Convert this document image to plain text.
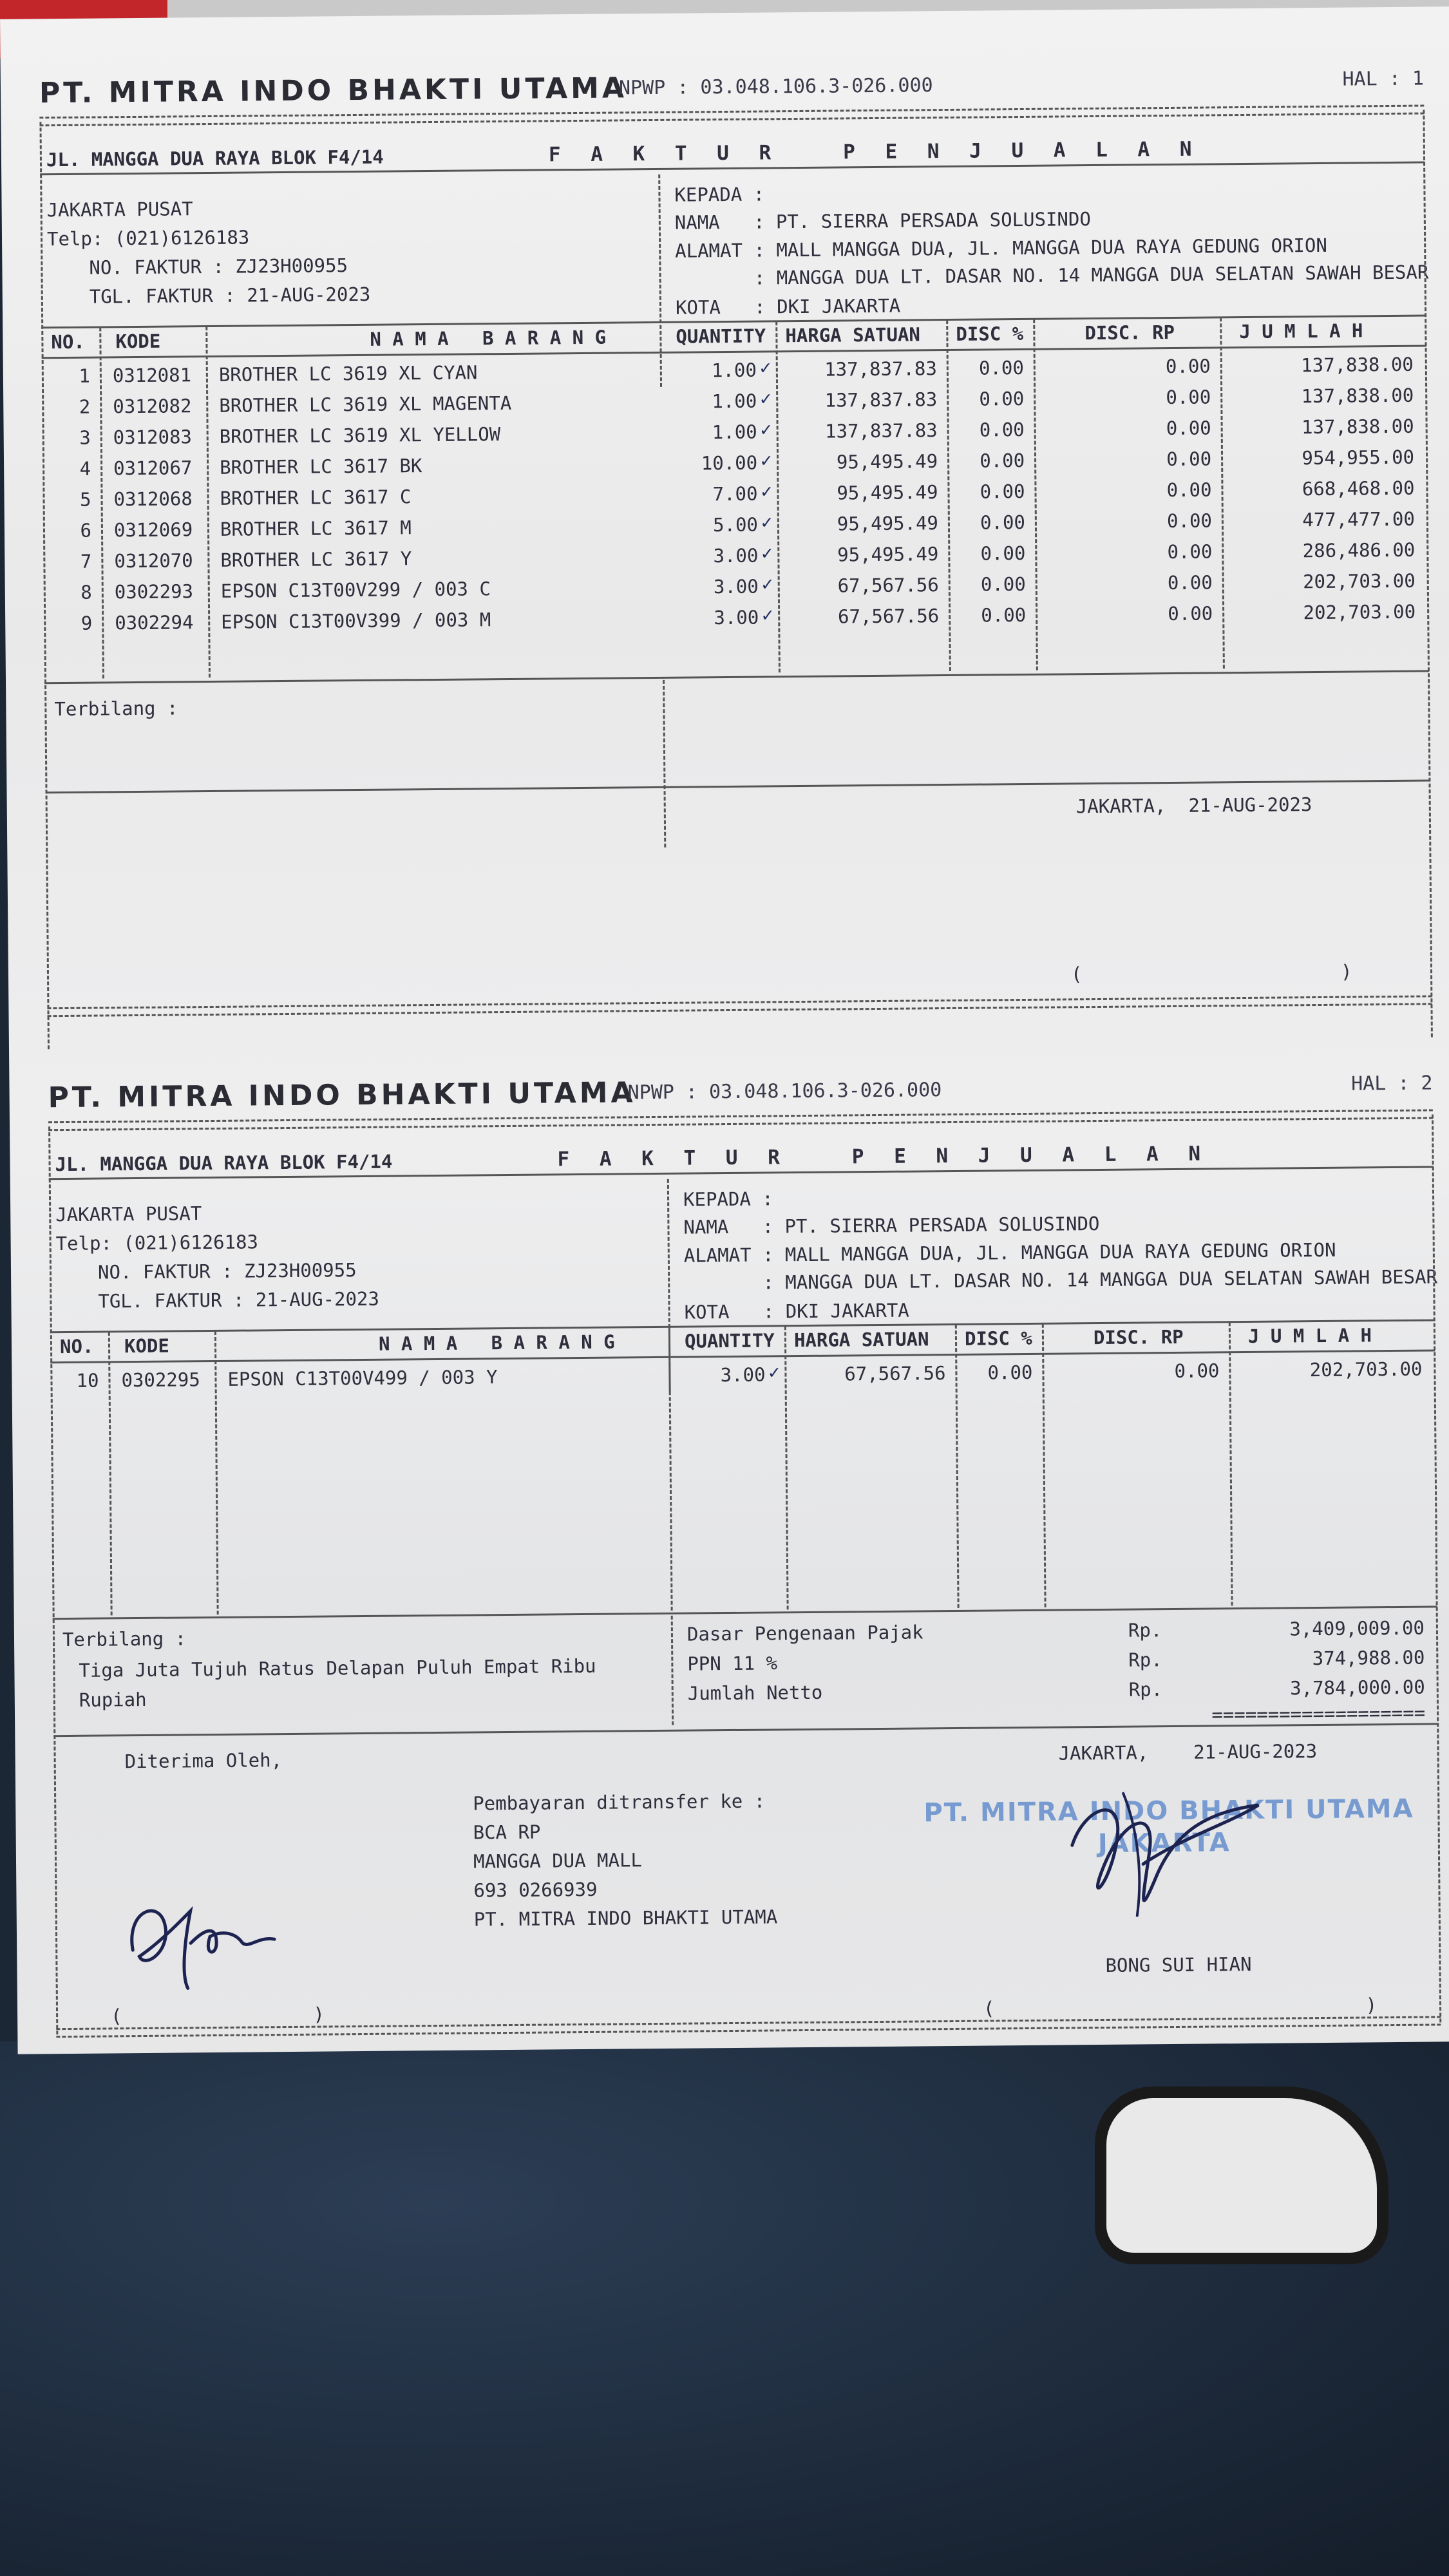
PT. MITRA INDO BHAKTI UTAMA
NPWP : 03.048.106.3-026.000	HAL : 1
JL. MANGGA DUA RAYA BLOK F4/14	F A K T U R   P E N J U A L A N
JAKARTA PUSAT
Telp: (021)6126183
NO. FAKTUR : ZJ23H00955
TGL. FAKTUR : 21-AUG-2023
KEPADA :
NAMA   : PT. SIERRA PERSADA SOLUSINDO
ALAMAT : MALL MANGGA DUA, JL. MANGGA DUA RAYA GEDUNG ORION
: MANGGA DUA LT. DASAR NO. 14 MANGGA DUA SELATAN SAWAH BESAR
KOTA   : DKI JAKARTA
NO. KODE	N A M A   B A R A N G	QUANTITY HARGA SATUAN DISC %	DISC. RP	J U M L A H
1 0312081	BROTHER LC 3619 XL CYAN	1.00	137,837.83	0.00	0.00	137,838.00
✓
2 0312082	BROTHER LC 3619 XL MAGENTA	1.00	137,837.83	0.00	0.00	137,838.00
✓
3 0312083	BROTHER LC 3619 XL YELLOW	1.00	137,837.83	0.00	0.00	137,838.00
✓
4 0312067	BROTHER LC 3617 BK	10.00	95,495.49	0.00	0.00	954,955.00
✓
5 0312068	BROTHER LC 3617 C	7.00	95,495.49	0.00	0.00	668,468.00
✓
6 0312069	BROTHER LC 3617 M	5.00	95,495.49	0.00	0.00	477,477.00
✓
7 0312070	BROTHER LC 3617 Y	3.00	95,495.49	0.00	0.00	286,486.00
✓
8 0302293	EPSON C13T00V299 / 003 C	3.00	67,567.56	0.00	0.00	202,703.00
✓
9 0302294	EPSON C13T00V399 / 003 M	3.00	67,567.56	0.00	0.00	202,703.00
✓
Terbilang :
JAKARTA,  21-AUG-2023
(                       )
PT. MITRA INDO BHAKTI UTAMA
NPWP : 03.048.106.3-026.000	HAL : 2
JL. MANGGA DUA RAYA BLOK F4/14	F A K T U R   P E N J U A L A N
JAKARTA PUSAT
Telp: (021)6126183
NO. FAKTUR : ZJ23H00955
TGL. FAKTUR : 21-AUG-2023
KEPADA :
NAMA   : PT. SIERRA PERSADA SOLUSINDO
ALAMAT : MALL MANGGA DUA, JL. MANGGA DUA RAYA GEDUNG ORION
: MANGGA DUA LT. DASAR NO. 14 MANGGA DUA SELATAN SAWAH BESAR
KOTA   : DKI JAKARTA
NO. KODE	N A M A   B A R A N G	QUANTITY HARGA SATUAN DISC %	DISC. RP	J U M L A H
10 0302295	EPSON C13T00V499 / 003 Y	3.00	67,567.56	0.00	0.00	202,703.00
✓
Terbilang :
Tiga Juta Tujuh Ratus Delapan Puluh Empat Ribu
Rupiah
Dasar Pengenaan Pajak	Rp.	3,409,009.00
PPN 11 %	Rp.	374,988.00
Jumlah Netto	Rp.	3,784,000.00
===================
Diterima Oleh,
Pembayaran ditransfer ke :
BCA RP
MANGGA DUA MALL
693 0266939
PT. MITRA INDO BHAKTI UTAMA
JAKARTA,    21-AUG-2023
PT. MITRA INDO BHAKTI UTAMA
JAKARTA
BONG SUI HIAN
(                 )	(                                 )
